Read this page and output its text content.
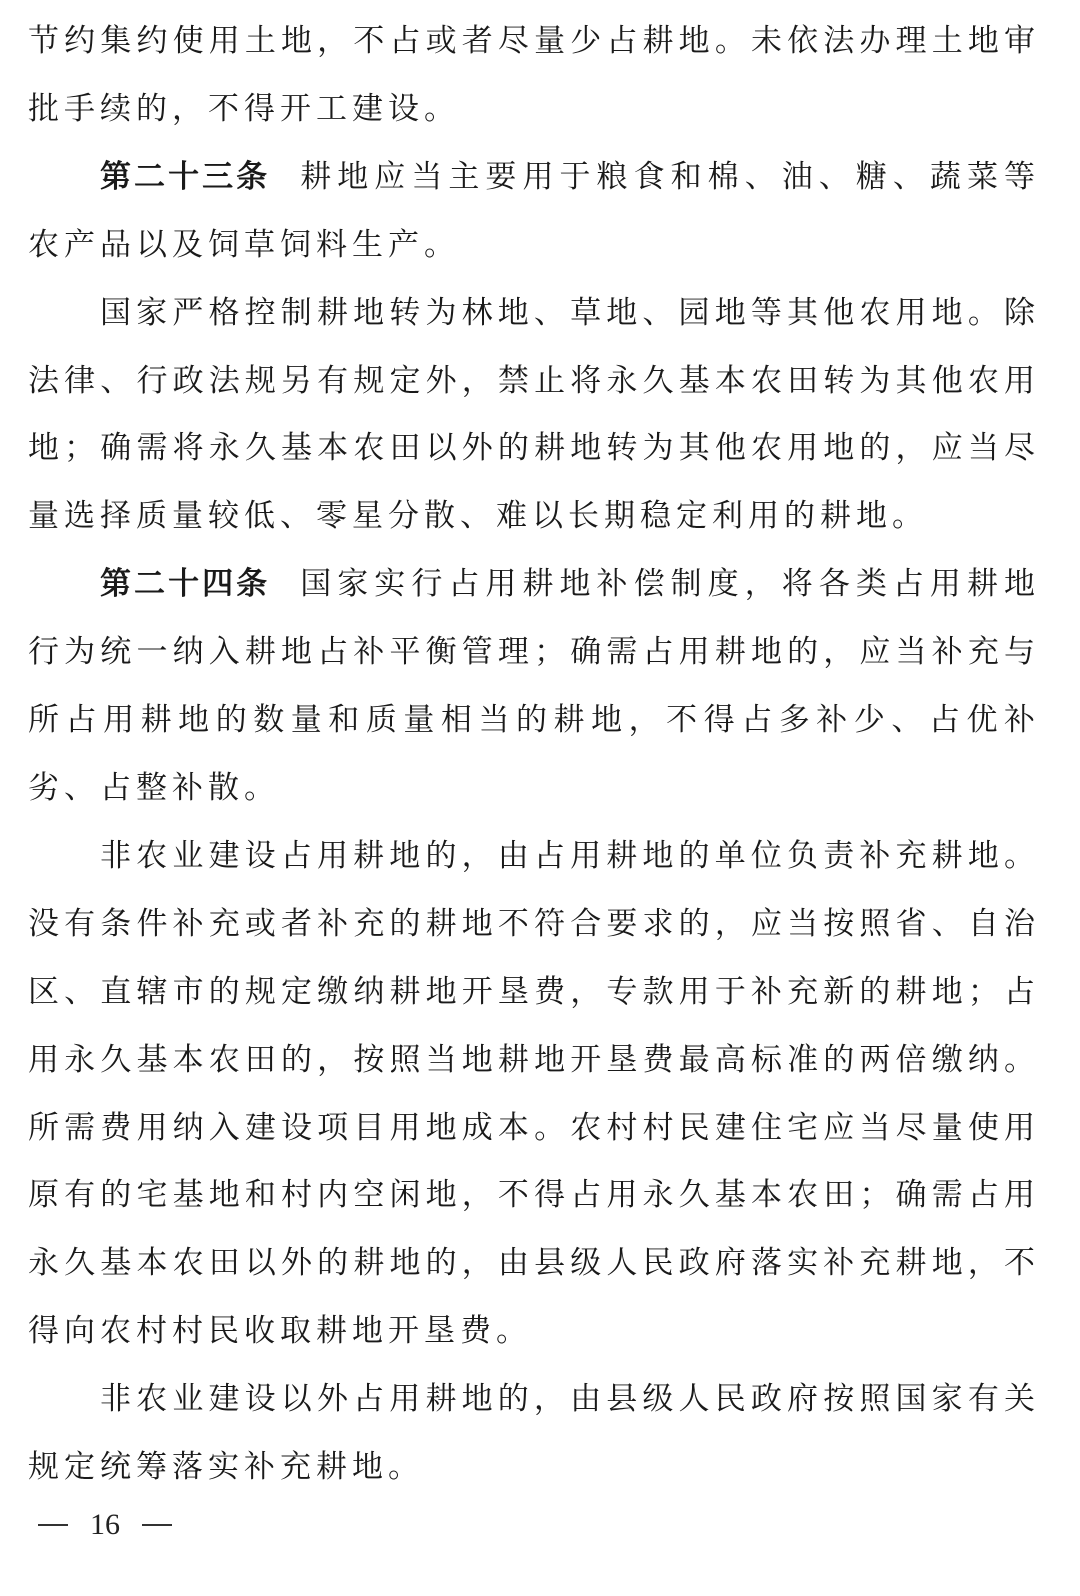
节约集约使用土地，不占或者尽量少占耕地。未依法办理土地审批手续的，不得开工建设。

第二十三条 耕地应当主要用于粮食和棉、油、糖、蔬菜等农产品以及饲草饲料生产。

国家严格控制耕地转为林地、草地、园地等其他农用地。除法律、行政法规另有规定外，禁止将永久基本农田转为其他农用地；确需将永久基本农田以外的耕地转为其他农用地的，应当尽量选择质量较低、零星分散、难以长期稳定利用的耕地。

第二十四条 国家实行占用耕地补偿制度，将各类占用耕地行为统一纳入耕地占补平衡管理；确需占用耕地的，应当补充与所占用耕地的数量和质量相当的耕地，不得占多补少、占优补劣、占整补散。

非农业建设占用耕地的，由占用耕地的单位负责补充耕地。没有条件补充或者补充的耕地不符合要求的，应当按照省、自治区、直辖市的规定缴纳耕地开垦费，专款用于补充新的耕地；占用永久基本农田的，按照当地耕地开垦费最高标准的两倍缴纳。所需费用纳入建设项目用地成本。农村村民建住宅应当尽量使用原有的宅基地和村内空闲地，不得占用永久基本农田；确需占用永久基本农田以外的耕地的，由县级人民政府落实补充耕地，不得向农村村民收取耕地开垦费。

非农业建设以外占用耕地的，由县级人民政府按照国家有关规定统筹落实补充耕地。

16
